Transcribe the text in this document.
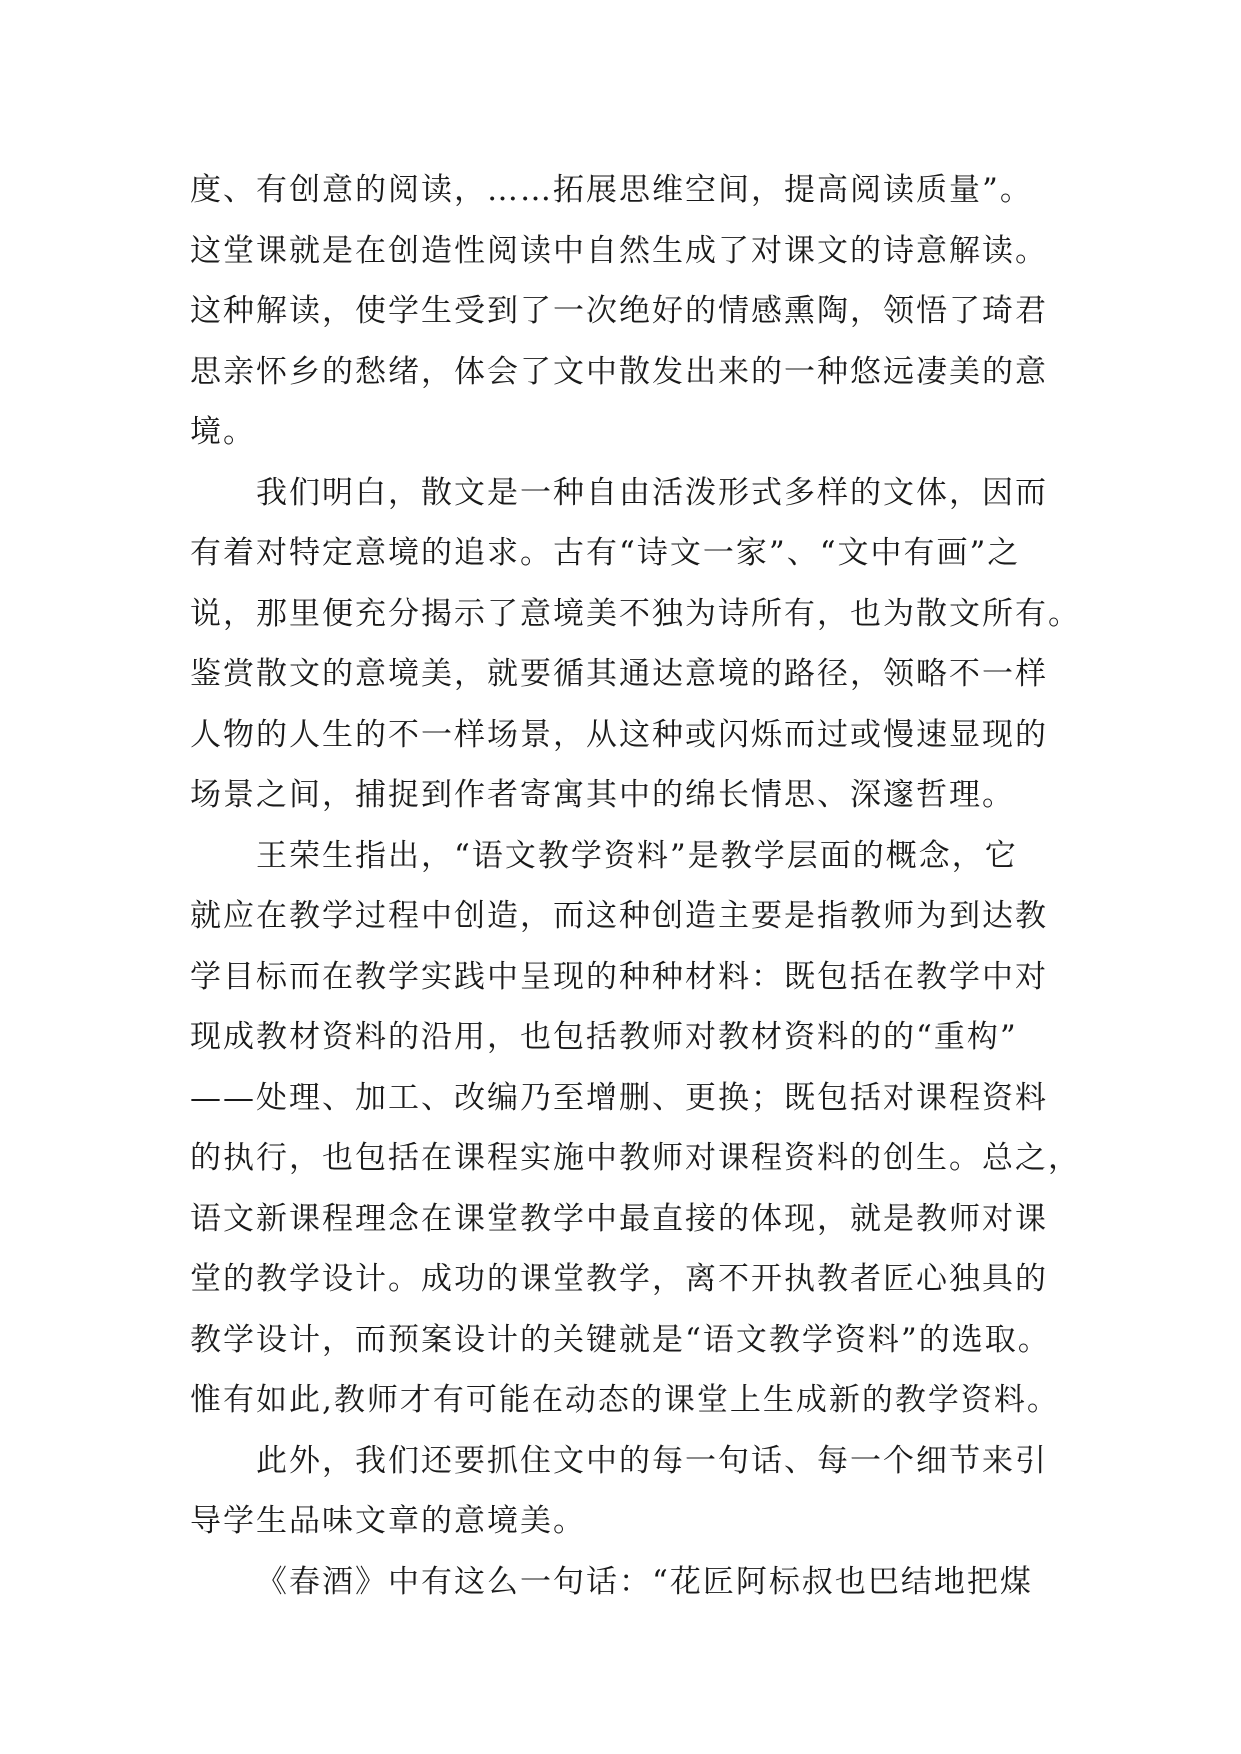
度、有创意的阅读，……拓展思维空间，提高阅读质量”。
这堂课就是在创造性阅读中自然生成了对课文的诗意解读。
这种解读，使学生受到了一次绝好的情感熏陶，领悟了琦君
思亲怀乡的愁绪，体会了文中散发出来的一种悠远凄美的意
境。
我们明白，散文是一种自由活泼形式多样的文体，因而
有着对特定意境的追求。古有“诗文一家”、“文中有画”之
说，那里便充分揭示了意境美不独为诗所有，也为散文所有。
鉴赏散文的意境美，就要循其通达意境的路径，领略不一样
人物的人生的不一样场景，从这种或闪烁而过或慢速显现的
场景之间，捕捉到作者寄寓其中的绵长情思、深邃哲理。
王荣生指出，“语文教学资料”是教学层面的概念，它
就应在教学过程中创造，而这种创造主要是指教师为到达教
学目标而在教学实践中呈现的种种材料：既包括在教学中对
现成教材资料的沿用，也包括教师对教材资料的的“重构”
——处理、加工、改编乃至增删、更换；既包括对课程资料
的执行，也包括在课程实施中教师对课程资料的创生。总之，
语文新课程理念在课堂教学中最直接的体现，就是教师对课
堂的教学设计。成功的课堂教学，离不开执教者匠心独具的
教学设计，而预案设计的关键就是“语文教学资料”的选取。
惟有如此,教师才有可能在动态的课堂上生成新的教学资料。
此外，我们还要抓住文中的每一句话、每一个细节来引
导学生品味文章的意境美。
《春酒》中有这么一句话：“花匠阿标叔也巴结地把煤
